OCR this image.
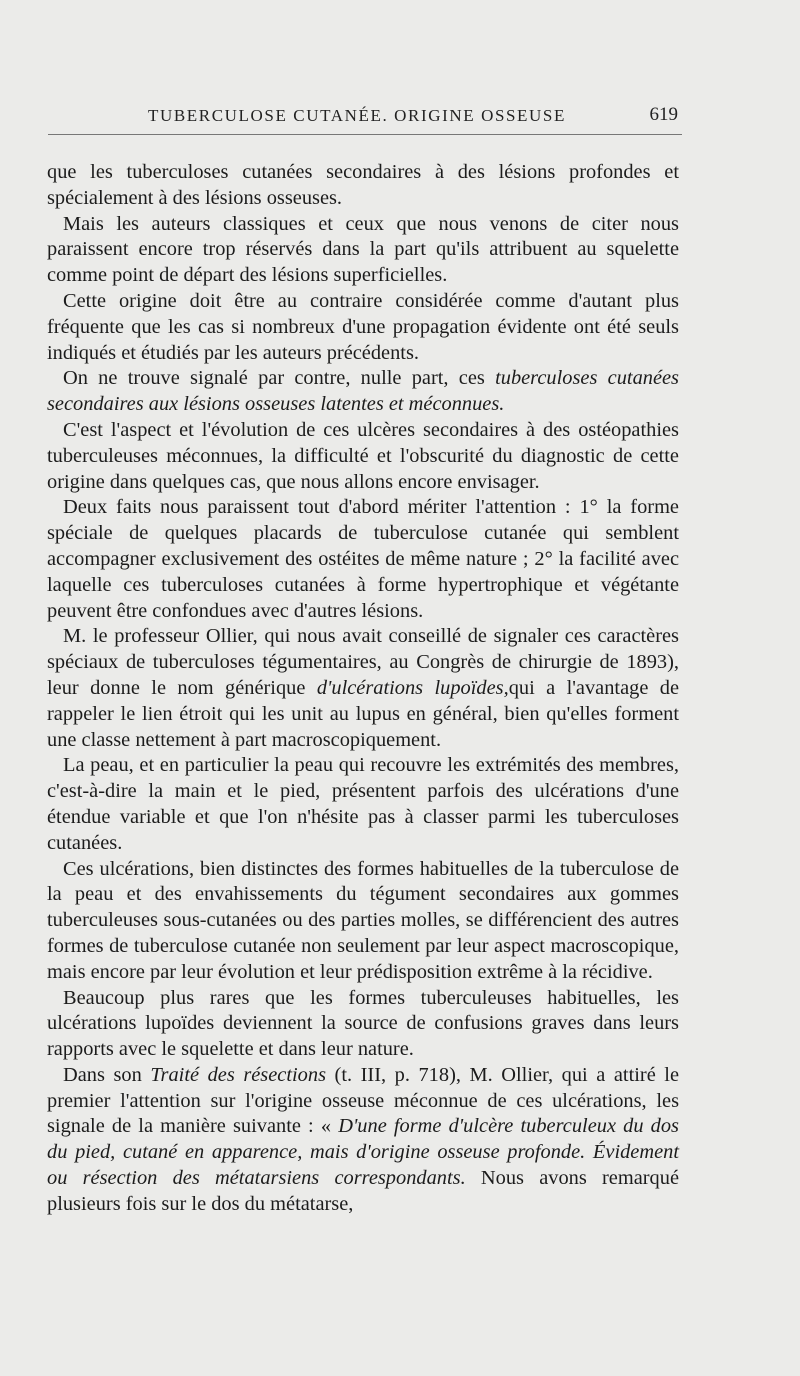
TUBERCULOSE CUTANÉE. ORIGINE OSSEUSE	619

que les tuberculoses cutanées secondaires à des lésions profondes et spécialement à des lésions osseuses.

Mais les auteurs classiques et ceux que nous venons de citer nous paraissent encore trop réservés dans la part qu'ils attribuent au squelette comme point de départ des lésions superficielles.

Cette origine doit être au contraire considérée comme d'autant plus fréquente que les cas si nombreux d'une propagation évidente ont été seuls indiqués et étudiés par les auteurs précédents.

On ne trouve signalé par contre, nulle part, ces tuberculoses cutanées secondaires aux lésions osseuses latentes et méconnues.

C'est l'aspect et l'évolution de ces ulcères secondaires à des ostéopathies tuberculeuses méconnues, la difficulté et l'obscurité du diagnostic de cette origine dans quelques cas, que nous allons encore envisager.

Deux faits nous paraissent tout d'abord mériter l'attention : 1° la forme spéciale de quelques placards de tuberculose cutanée qui semblent accompagner exclusivement des ostéites de même nature ; 2° la facilité avec laquelle ces tuberculoses cutanées à forme hypertrophique et végétante peuvent être confondues avec d'autres lésions.

M. le professeur Ollier, qui nous avait conseillé de signaler ces caractères spéciaux de tuberculoses tégumentaires, au Congrès de chirurgie de 1893), leur donne le nom générique d'ulcérations lupoïdes,qui a l'avantage de rappeler le lien étroit qui les unit au lupus en général, bien qu'elles forment une classe nettement à part macroscopiquement.

La peau, et en particulier la peau qui recouvre les extrémités des membres, c'est-à-dire la main et le pied, présentent parfois des ulcérations d'une étendue variable et que l'on n'hésite pas à classer parmi les tuberculoses cutanées.

Ces ulcérations, bien distinctes des formes habituelles de la tuberculose de la peau et des envahissements du tégument secondaires aux gommes tuberculeuses sous-cutanées ou des parties molles, se différencient des autres formes de tuberculose cutanée non seulement par leur aspect macroscopique, mais encore par leur évolution et leur prédisposition extrême à la récidive.

Beaucoup plus rares que les formes tuberculeuses habituelles, les ulcérations lupoïdes deviennent la source de confusions graves dans leurs rapports avec le squelette et dans leur nature.

Dans son Traité des résections (t. III, p. 718), M. Ollier, qui a attiré le premier l'attention sur l'origine osseuse méconnue de ces ulcérations, les signale de la manière suivante : « D'une forme d'ulcère tuberculeux du dos du pied, cutané en apparence, mais d'origine osseuse profonde. Évidement ou résection des métatarsiens correspondants. Nous avons remarqué plusieurs fois sur le dos du métatarse,
